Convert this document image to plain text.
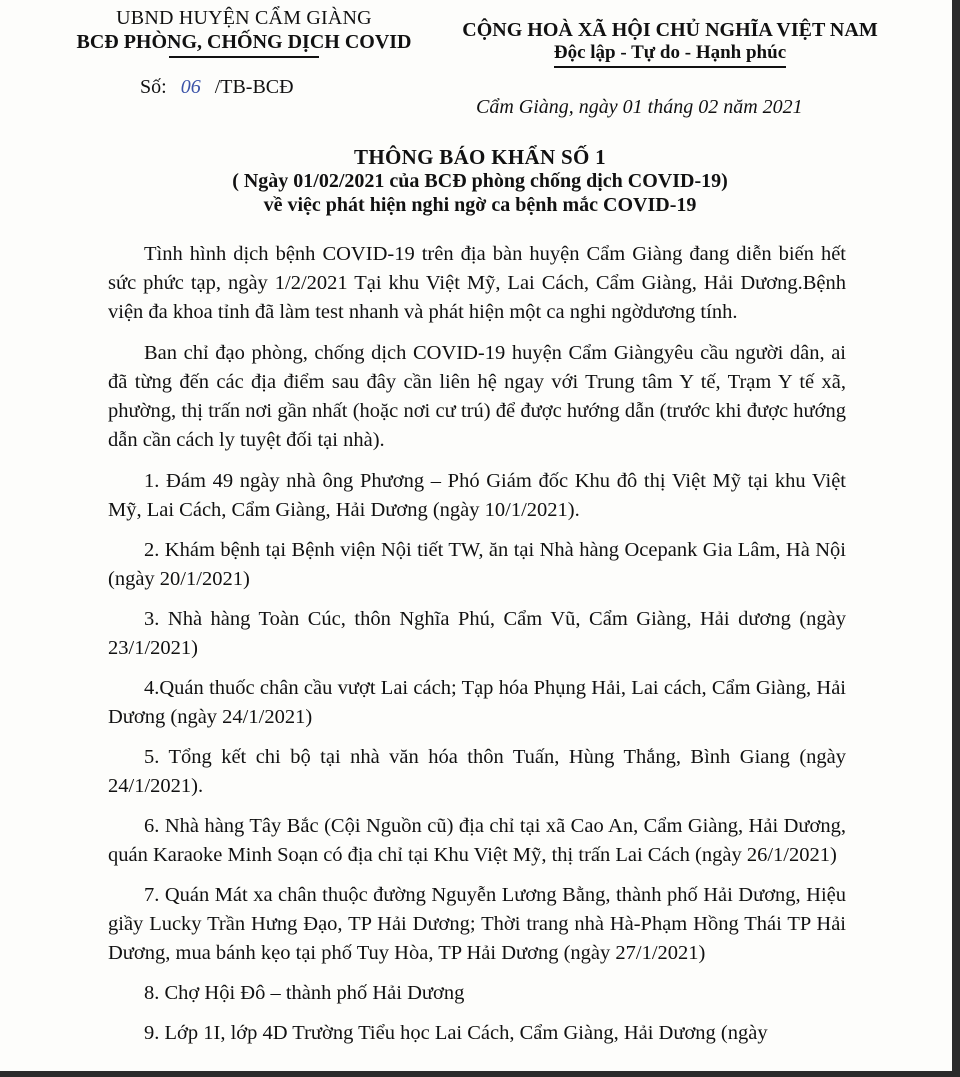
UBND HUYỆN CẨM GIÀNG
BCĐ PHÒNG, CHỐNG DỊCH COVID
CỘNG HOÀ XÃ HỘI CHỦ NGHĨA VIỆT NAM
Độc lập - Tự do - Hạnh phúc
Số: 06 /TB-BCĐ
Cẩm Giàng, ngày 01 tháng 02 năm 2021
THÔNG BÁO KHẨN SỐ 1
( Ngày 01/02/2021 của BCĐ phòng chống dịch COVID-19)
về việc phát hiện nghi ngờ ca bệnh mắc COVID-19

Tình hình dịch bệnh COVID-19 trên địa bàn huyện Cẩm Giàng đang diễn biến hết sức phức tạp, ngày 1/2/2021 Tại khu Việt Mỹ, Lai Cách, Cẩm Giàng, Hải Dương.Bệnh viện đa khoa tỉnh đã làm test nhanh và phát hiện một ca nghi ngờdương tính.

Ban chỉ đạo phòng, chống dịch COVID-19 huyện Cẩm Giàngyêu cầu người dân, ai đã từng đến các địa điểm sau đây cần liên hệ ngay với Trung tâm Y tế, Trạm Y tế xã, phường, thị trấn nơi gần nhất (hoặc nơi cư trú) để được hướng dẫn (trước khi được hướng dẫn cần cách ly tuyệt đối tại nhà).

1. Đám 49 ngày nhà ông Phương – Phó Giám đốc Khu đô thị Việt Mỹ tại khu Việt Mỹ, Lai Cách, Cẩm Giàng, Hải Dương (ngày 10/1/2021).
2. Khám bệnh tại Bệnh viện Nội tiết TW, ăn tại Nhà hàng Ocepank Gia Lâm, Hà Nội (ngày 20/1/2021)
3. Nhà hàng Toàn Cúc, thôn Nghĩa Phú, Cẩm Vũ, Cẩm Giàng, Hải dương (ngày 23/1/2021)
4.Quán thuốc chân cầu vượt Lai cách; Tạp hóa Phụng Hải, Lai cách, Cẩm Giàng, Hải Dương (ngày 24/1/2021)
5. Tổng kết chi bộ tại nhà văn hóa thôn Tuấn, Hùng Thắng, Bình Giang (ngày 24/1/2021).
6. Nhà hàng Tây Bắc (Cội Nguồn cũ) địa chỉ tại xã Cao An, Cẩm Giàng, Hải Dương, quán Karaoke Minh Soạn có địa chỉ tại Khu Việt Mỹ, thị trấn Lai Cách (ngày 26/1/2021)
7. Quán Mát xa chân thuộc đường Nguyễn Lương Bằng, thành phố Hải Dương, Hiệu giầy Lucky Trần Hưng Đạo, TP Hải Dương; Thời trang nhà Hà-Phạm Hồng Thái TP Hải Dương, mua bánh kẹo tại phố Tuy Hòa, TP Hải Dương (ngày 27/1/2021)
8. Chợ Hội Đô – thành phố Hải Dương
9. Lớp 1I, lớp 4D Trường Tiểu học Lai Cách, Cẩm Giàng, Hải Dương (ngày
